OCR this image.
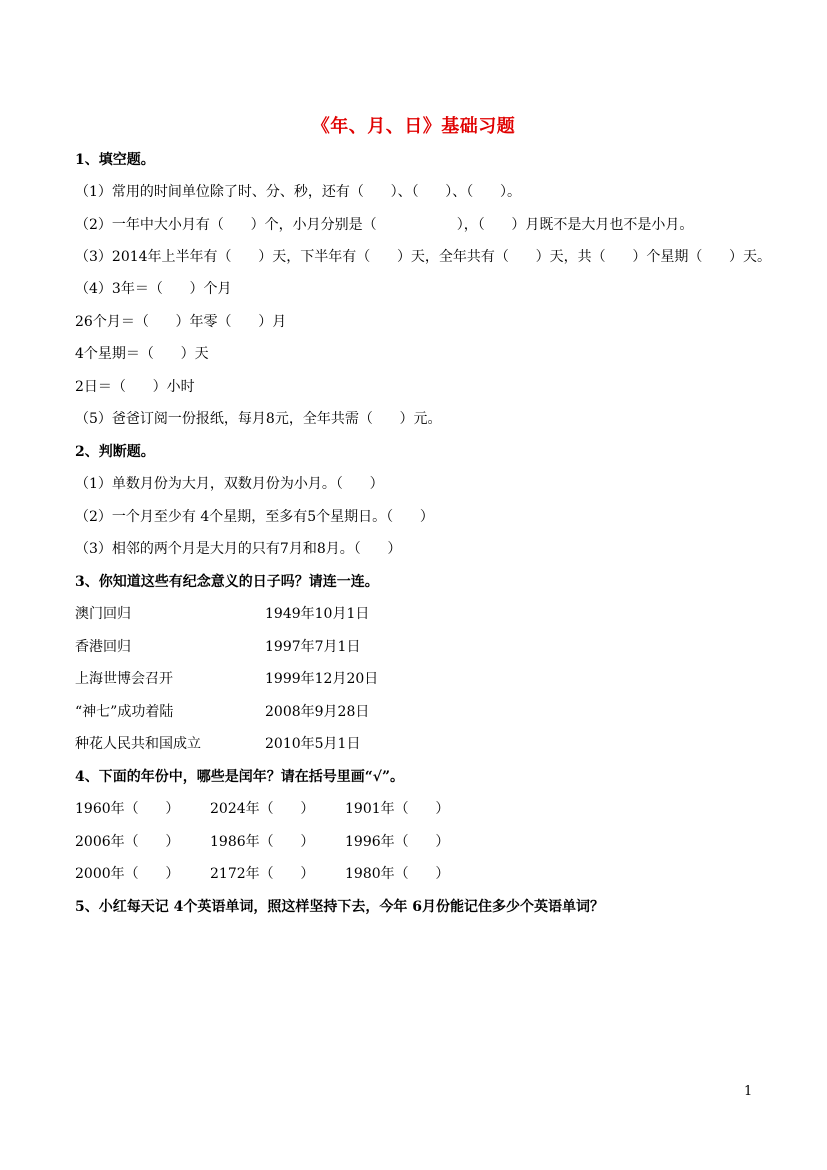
《年、月、日》基础习题
1、填空题。
（1）常用的时间单位除了时、分、秒，还有（      ）、（      ）、（      ）。
（2）一年中大小月有（      ）个，小月分别是（                  ），（      ）月既不是大月也不是小月。
（3）2014年上半年有（      ）天，下半年有（      ）天，全年共有（      ）天，共（      ）个星期（      ）天。
（4）3年＝（      ）个月
26个月＝（      ）年零（      ）月
4个星期＝（      ）天
2日＝（      ）小时
（5）爸爸订阅一份报纸，每月8元，全年共需（      ）元。
2、判断题。
（1）单数月份为大月，双数月份为小月。（      ）
（2）一个月至少有 4个星期，至多有5个星期日。（      ）
（3）相邻的两个月是大月的只有7月和8月。（      ）
3、你知道这些有纪念意义的日子吗？请连一连。
澳门回归	1949年10月1日
香港回归	1997年7月1日
上海世博会召开	1999年12月20日
“神七”成功着陆	2008年9月28日
种花人民共和国成立	2010年5月1日
4、下面的年份中，哪些是闰年？请在括号里画“√”。
1960年（      ） 2024年（      ） 1901年（      ）
2006年（      ） 1986年（      ） 1996年（      ）
2000年（      ） 2172年（      ） 1980年（      ）
5、小红每天记 4个英语单词，照这样坚持下去，今年 6月份能记住多少个英语单词？
1
